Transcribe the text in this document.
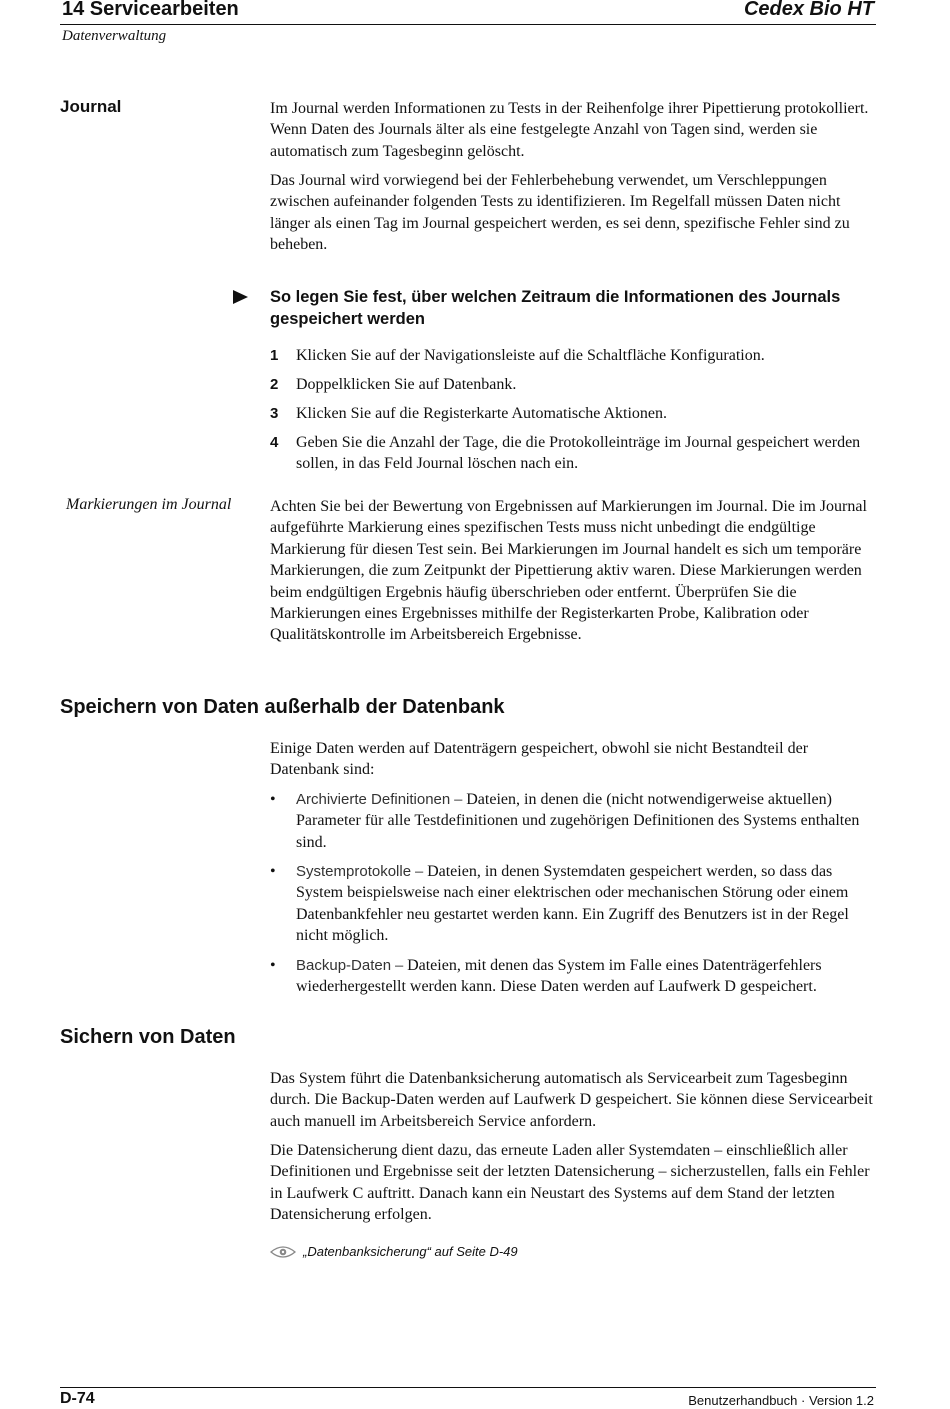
14 Servicearbeiten	Cedex Bio HT
Datenverwaltung
Journal	Im Journal werden Informationen zu Tests in der Reihenfolge ihrer Pipettierung protokolliert. Wenn Daten des Journals älter als eine festgelegte Anzahl von Tagen sind, werden sie automatisch zum Tagesbeginn gelöscht.
Das Journal wird vorwiegend bei der Fehlerbehebung verwendet, um Verschleppungen zwischen aufeinander folgenden Tests zu identifizieren. Im Regelfall müssen Daten nicht länger als einen Tag im Journal gespeichert werden, es sei denn, spezifische Fehler sind zu beheben.
So legen Sie fest, über welchen Zeitraum die Informationen des Journals gespeichert werden
1 Klicken Sie auf der Navigationsleiste auf die Schaltfläche Konfiguration.
2 Doppelklicken Sie auf Datenbank.
3 Klicken Sie auf die Registerkarte Automatische Aktionen.
4 Geben Sie die Anzahl der Tage, die die Protokolleinträge im Journal gespeichert werden sollen, in das Feld Journal löschen nach ein.
Markierungen im Journal Achten Sie bei der Bewertung von Ergebnissen auf Markierungen im Journal. Die im Journal aufgeführte Markierung eines spezifischen Tests muss nicht unbedingt die endgültige Markierung für diesen Test sein. Bei Markierungen im Journal handelt es sich um temporäre Markierungen, die zum Zeitpunkt der Pipettierung aktiv waren. Diese Markierungen werden beim endgültigen Ergebnis häufig überschrieben oder entfernt. Überprüfen Sie die Markierungen eines Ergebnisses mithilfe der Registerkarten Probe, Kalibration oder Qualitätskontrolle im Arbeitsbereich Ergebnisse.
Speichern von Daten außerhalb der Datenbank
Einige Daten werden auf Datenträgern gespeichert, obwohl sie nicht Bestandteil der Datenbank sind:
• Archivierte Definitionen – Dateien, in denen die (nicht notwendigerweise aktuellen) Parameter für alle Testdefinitionen und zugehörigen Definitionen des Systems enthalten sind.
• Systemprotokolle – Dateien, in denen Systemdaten gespeichert werden, so dass das System beispielsweise nach einer elektrischen oder mechanischen Störung oder einem Datenbankfehler neu gestartet werden kann. Ein Zugriff des Benutzers ist in der Regel nicht möglich.
• Backup-Daten – Dateien, mit denen das System im Falle eines Datenträgerfehlers wiederhergestellt werden kann. Diese Daten werden auf Laufwerk D gespeichert.
Sichern von Daten
Das System führt die Datenbanksicherung automatisch als Servicearbeit zum Tagesbeginn durch. Die Backup-Daten werden auf Laufwerk D gespeichert. Sie können diese Servicearbeit auch manuell im Arbeitsbereich Service anfordern.
Die Datensicherung dient dazu, das erneute Laden aller Systemdaten – einschließlich aller Definitionen und Ergebnisse seit der letzten Datensicherung – sicherzustellen, falls ein Fehler in Laufwerk C auftritt. Danach kann ein Neustart des Systems auf dem Stand der letzten Datensicherung erfolgen.
„Datenbanksicherung“ auf Seite D-49
D-74	Benutzerhandbuch · Version 1.2
